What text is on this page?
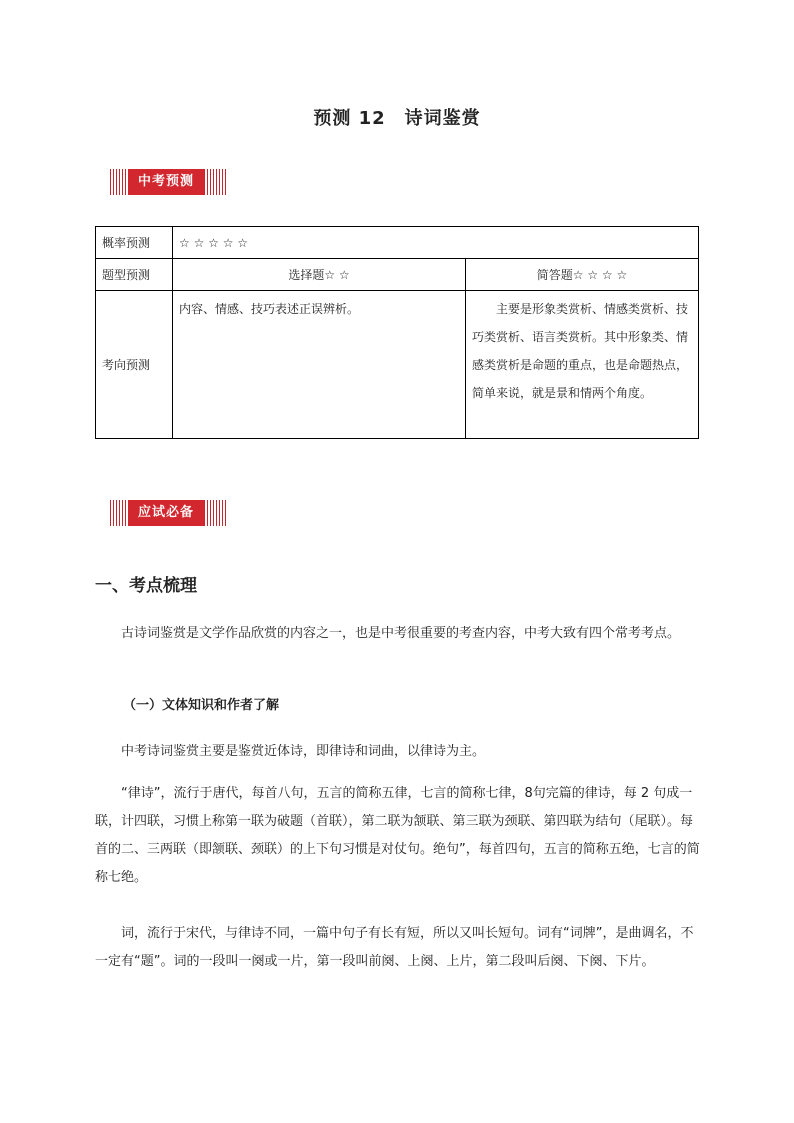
预测 12　诗词鉴赏
中考预测
概率预测	☆ ☆ ☆ ☆ ☆	
题型预测	选择题☆ ☆	简答题☆ ☆ ☆ ☆
考向预测	内容、情感、技巧表述正误辨析。	主要是形象类赏析、情感类赏析、技巧类赏析、语言类赏析。其中形象类、情感类赏析是命题的重点，也是命题热点，简单来说，就是景和情两个角度。
应试必备
一、考点梳理

古诗词鉴赏是文学作品欣赏的内容之一，也是中考很重要的考查内容，中考大致有四个常考考点。

（一）文体知识和作者了解

中考诗词鉴赏主要是鉴赏近体诗，即律诗和词曲，以律诗为主。

“律诗”，流行于唐代，每首八句，五言的简称五律，七言的简称七律，8句完篇的律诗，每 2 句成一联，计四联，习惯上称第一联为破题（首联），第二联为颔联、第三联为颈联、第四联为结句（尾联）。每首的二、三两联（即颔联、颈联）的上下句习惯是对仗句。绝句”，每首四句，五言的简称五绝，七言的简称七绝。

词，流行于宋代，与律诗不同，一篇中句子有长有短，所以又叫长短句。词有“词牌”，是曲调名，不一定有“题”。词的一段叫一阕或一片，第一段叫前阕、上阕、上片，第二段叫后阕、下阕、下片。
